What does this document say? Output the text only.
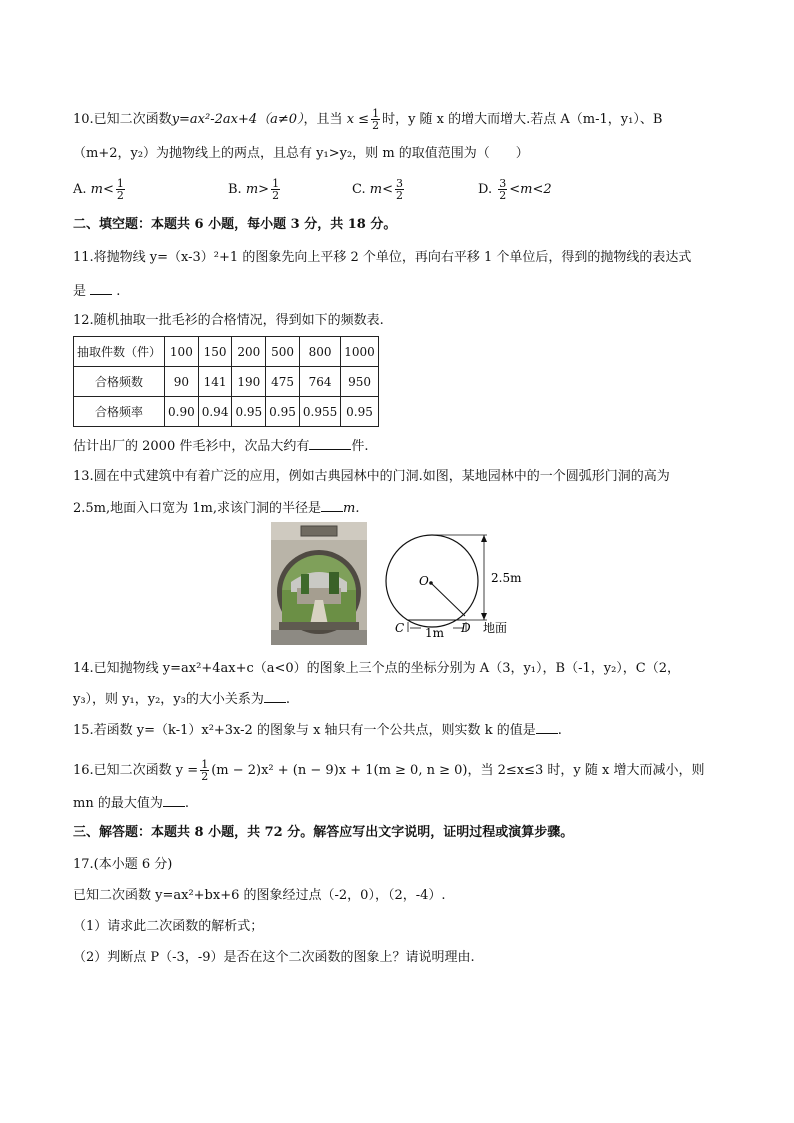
10.已知二次函数y=ax²-2ax+4（a≠0），且当 $x \le \frac{1}{2}$ 时，y 随 x 的增大而增大.若点 A（m-1，y₁）、B
（m+2，y₂）为抛物线上的两点，且总有 y₁>y₂，则 m 的取值范围为（　　）
A. $m< \frac{1}{2}$	B. $m> \frac{1}{2}$	C. $m< \frac{3}{2}$	D. $\frac{3}{2} <m<2$
二、填空题：本题共 6 小题，每小题 3 分，共 18 分。
11.将抛物线 y=（x-3）²+1 的图象先向上平移 2 个单位，再向右平移 1 个单位后，得到的抛物线的表达式
是 .
12.随机抽取一批毛衫的合格情况，得到如下的频数表.
抽取件数（件）	100	150	200	500	800	1000
合格频数	90	141	190	475	764	950
合格频率	0.90	0.94	0.95	0.95	0.955	0.95
估计出厂的 2000 件毛衫中，次品大约有	件.
13.圆在中式建筑中有着广泛的应用，例如古典园林中的门洞.如图，某地园林中的一个圆弧形门洞的高为
2.5m,地面入口宽为 1m,求该门洞的半径是 m.
O
C	D
2.5m
1m	地面
14.已知抛物线 y=ax²+4ax+c（a<0）的图象上三个点的坐标分别为 A（3，y₁），B（-1，y₂），C（2，
y₃），则 y₁，y₂，y₃的大小关系为 .
15.若函数 y=（k-1）x²+3x-2 的图象与 x 轴只有一个公共点，则实数 k 的值是 .
16.已知二次函数 $y = \frac{1}{2} (m - 2)x^2 + (n - 9)x + 1(m \ge 0$, n ≥ 0)，当 2≤x≤3 时，y 随 x 增大而减小，则
mn 的最大值为 .
三、解答题：本题共 8 小题，共 72 分。解答应写出文字说明，证明过程或演算步骤。
17.(本小题 6 分)
已知二次函数 y=ax²+bx+6 的图象经过点（-2，0），（2，-4）.
（1）请求此二次函数的解析式；
（2）判断点 P（-3，-9）是否在这个二次函数的图象上？请说明理由.
